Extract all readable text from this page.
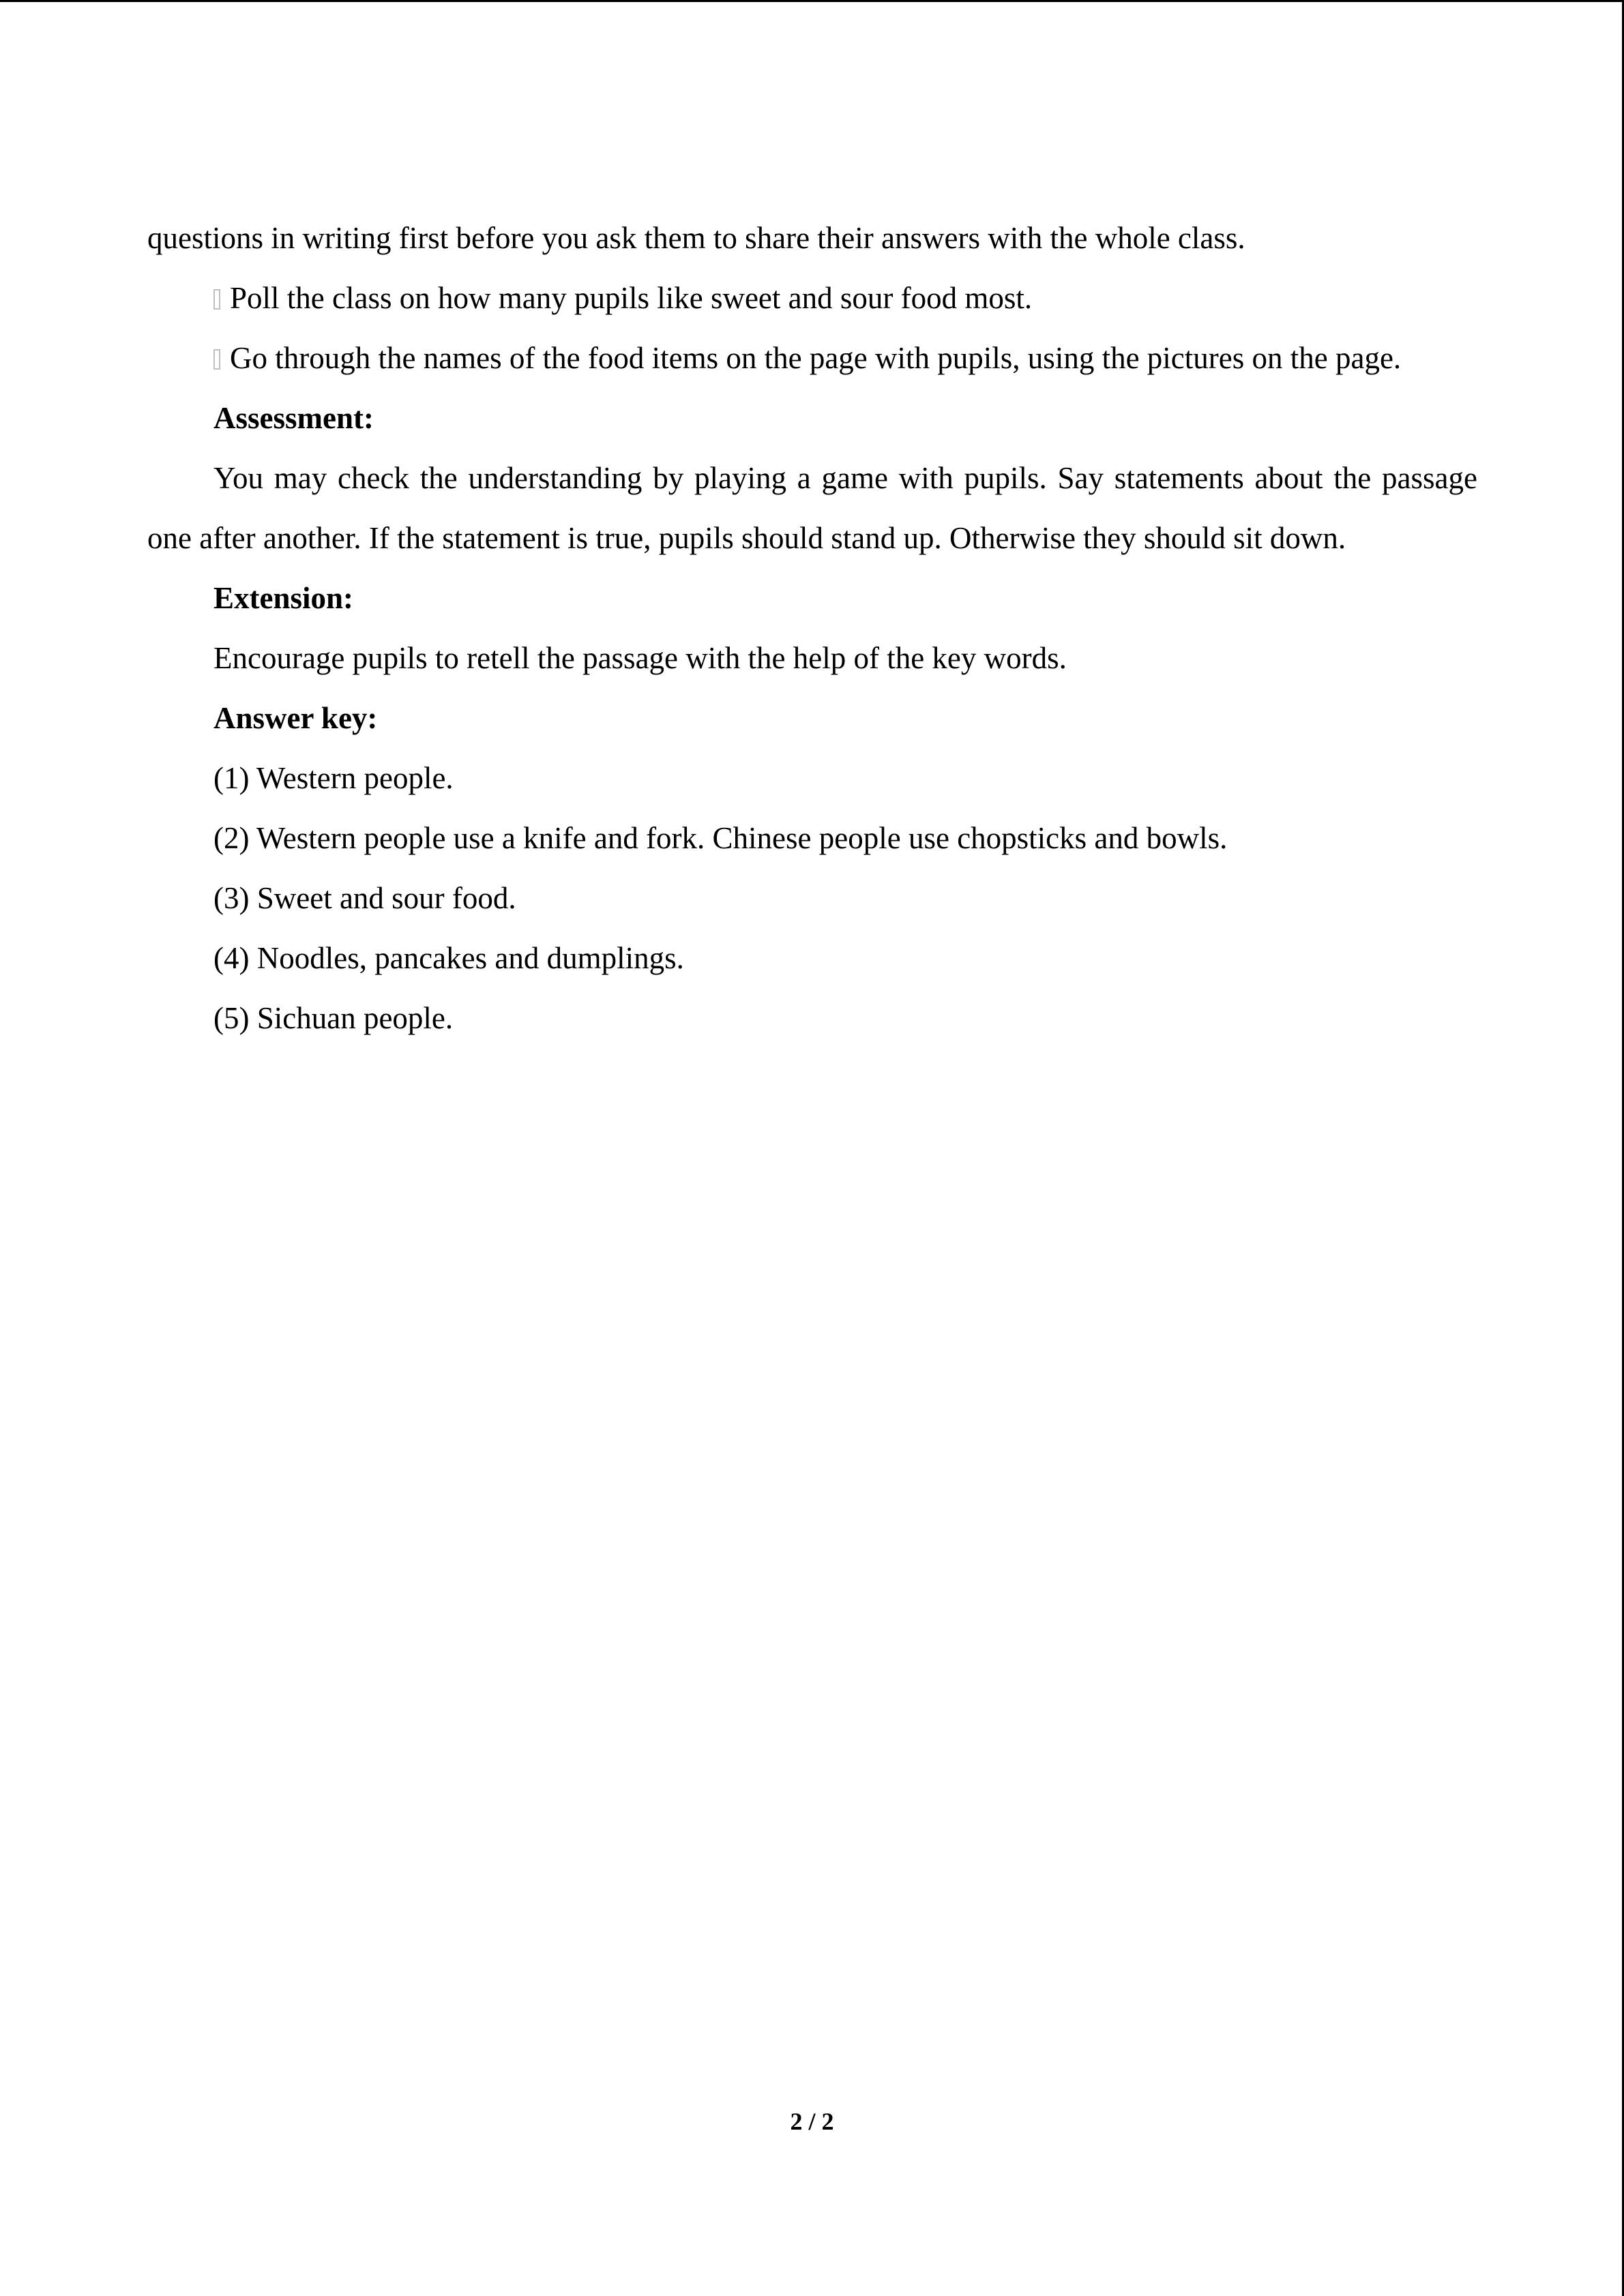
questions in writing first before you ask them to share their answers with the whole class.

Poll the class on how many pupils like sweet and sour food most.

Go through the names of the food items on the page with pupils, using the pictures on the page.

Assessment:

You may check the understanding by playing a game with pupils. Say statements about the passage one after another. If the statement is true, pupils should stand up. Otherwise they should sit down.

Extension:

Encourage pupils to retell the passage with the help of the key words.

Answer key:

(1) Western people.

(2) Western people use a knife and fork. Chinese people use chopsticks and bowls.

(3) Sweet and sour food.

(4) Noodles, pancakes and dumplings.

(5) Sichuan people.

2 / 2
